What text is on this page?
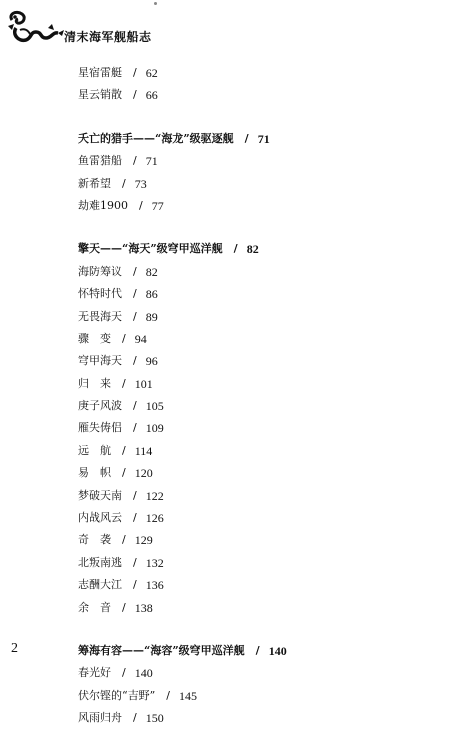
清末海军舰船志
星宿雷艇 / 62
星云销散 / 66
夭亡的猎手——“海龙”级驱逐舰 / 71
鱼雷猎船 / 71
新希望 / 73
劫难1900 / 77
擎天——“海天”级穹甲巡洋舰 / 82
海防筹议 / 82
怀特时代 / 86
无畏海天 / 89
骤　变 / 94
穹甲海天 / 96
归　来 / 101
庚子风波 / 105
雁失俦侣 / 109
远　航 / 114
易　帜 / 120
梦破天南 / 122
内战风云 / 126
奇　袭 / 129
北叛南逃 / 132
志酬大江 / 136
余　音 / 138
筹海有容——“海容”级穹甲巡洋舰 / 140
春光好 / 140
伏尔铿的“吉野” / 145
风雨归舟 / 150
2
